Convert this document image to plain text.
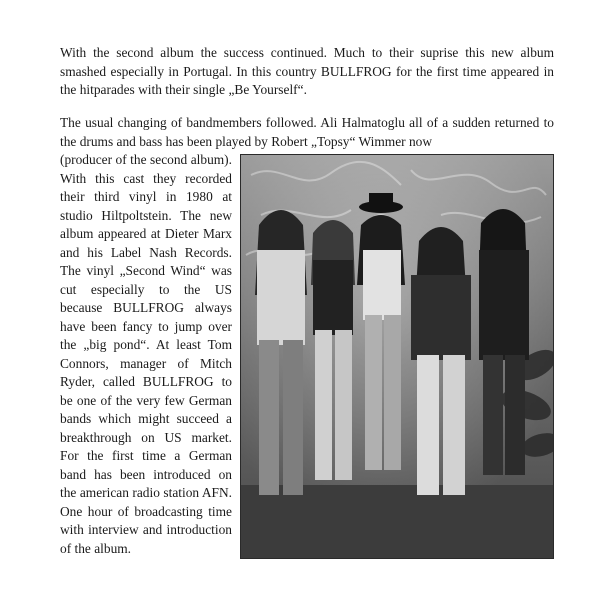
With the second album the success continued. Much to their suprise this new album smashed especially in Portugal. In this country BULLFROG for the first time appeared in the hitparades with their single „Be Yourself“.

The usual changing of bandmembers followed. Ali Halmatoglu all of a sudden returned to the drums and bass has been played by Robert „Topsy“ Wimmer now

(producer of the second album). With this cast they recorded their third vinyl in 1980 at studio Hiltpoltstein. The new album appeared at Dieter Marx and his Label Nash Records. The vinyl „Second Wind“ was cut especially to the US because BULLFROG always have been fancy to jump over the „big pond“. At least Tom Connors, manager of Mitch Ryder, called BULLFROG to be one of the very few German bands which might succeed a breakthrough on US market. For the first time a German band has been introduced on the american radio station AFN. One hour of broadcasting time with interview and introduction of the album.
